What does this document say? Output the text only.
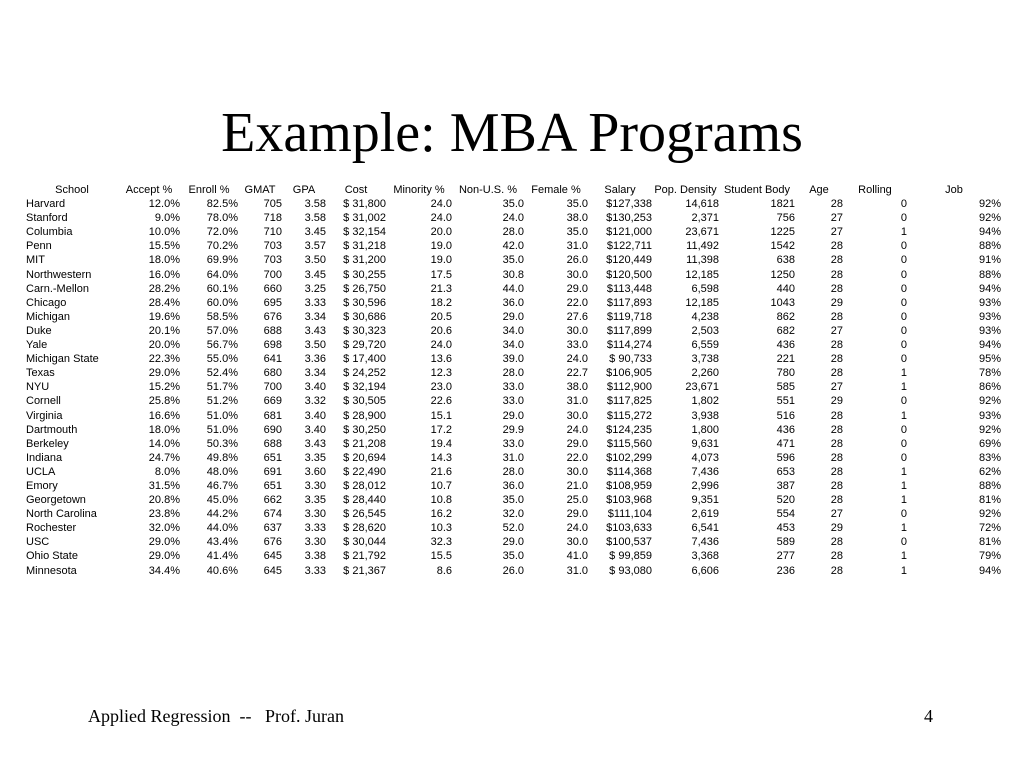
Example: MBA Programs
School	Accept %	Enroll %	GMAT	GPA	Cost	Minority %	Non-U.S. %	Female %	Salary	Pop. Density	Student Body	Age	Rolling	Job
Harvard	12.0%	82.5%	705	3.58	$ 31,800	24.0	35.0	35.0	$127,338	14,618	1821	28	0	92%
Stanford	9.0%	78.0%	718	3.58	$ 31,002	24.0	24.0	38.0	$130,253	2,371	756	27	0	92%
Columbia	10.0%	72.0%	710	3.45	$ 32,154	20.0	28.0	35.0	$121,000	23,671	1225	27	1	94%
Penn	15.5%	70.2%	703	3.57	$ 31,218	19.0	42.0	31.0	$122,711	11,492	1542	28	0	88%
MIT	18.0%	69.9%	703	3.50	$ 31,200	19.0	35.0	26.0	$120,449	11,398	638	28	0	91%
Northwestern	16.0%	64.0%	700	3.45	$ 30,255	17.5	30.8	30.0	$120,500	12,185	1250	28	0	88%
Carn.-Mellon	28.2%	60.1%	660	3.25	$ 26,750	21.3	44.0	29.0	$113,448	6,598	440	28	0	94%
Chicago	28.4%	60.0%	695	3.33	$ 30,596	18.2	36.0	22.0	$117,893	12,185	1043	29	0	93%
Michigan	19.6%	58.5%	676	3.34	$ 30,686	20.5	29.0	27.6	$119,718	4,238	862	28	0	93%
Duke	20.1%	57.0%	688	3.43	$ 30,323	20.6	34.0	30.0	$117,899	2,503	682	27	0	93%
Yale	20.0%	56.7%	698	3.50	$ 29,720	24.0	34.0	33.0	$114,274	6,559	436	28	0	94%
Michigan State	22.3%	55.0%	641	3.36	$ 17,400	13.6	39.0	24.0	$ 90,733	3,738	221	28	0	95%
Texas	29.0%	52.4%	680	3.34	$ 24,252	12.3	28.0	22.7	$106,905	2,260	780	28	1	78%
NYU	15.2%	51.7%	700	3.40	$ 32,194	23.0	33.0	38.0	$112,900	23,671	585	27	1	86%
Cornell	25.8%	51.2%	669	3.32	$ 30,505	22.6	33.0	31.0	$117,825	1,802	551	29	0	92%
Virginia	16.6%	51.0%	681	3.40	$ 28,900	15.1	29.0	30.0	$115,272	3,938	516	28	1	93%
Dartmouth	18.0%	51.0%	690	3.40	$ 30,250	17.2	29.9	24.0	$124,235	1,800	436	28	0	92%
Berkeley	14.0%	50.3%	688	3.43	$ 21,208	19.4	33.0	29.0	$115,560	9,631	471	28	0	69%
Indiana	24.7%	49.8%	651	3.35	$ 20,694	14.3	31.0	22.0	$102,299	4,073	596	28	0	83%
UCLA	8.0%	48.0%	691	3.60	$ 22,490	21.6	28.0	30.0	$114,368	7,436	653	28	1	62%
Emory	31.5%	46.7%	651	3.30	$ 28,012	10.7	36.0	21.0	$108,959	2,996	387	28	1	88%
Georgetown	20.8%	45.0%	662	3.35	$ 28,440	10.8	35.0	25.0	$103,968	9,351	520	28	1	81%
North Carolina	23.8%	44.2%	674	3.30	$ 26,545	16.2	32.0	29.0	$111,104	2,619	554	27	0	92%
Rochester	32.0%	44.0%	637	3.33	$ 28,620	10.3	52.0	24.0	$103,633	6,541	453	29	1	72%
USC	29.0%	43.4%	676	3.30	$ 30,044	32.3	29.0	30.0	$100,537	7,436	589	28	0	81%
Ohio State	29.0%	41.4%	645	3.38	$ 21,792	15.5	35.0	41.0	$ 99,859	3,368	277	28	1	79%
Minnesota	34.4%	40.6%	645	3.33	$ 21,367	8.6	26.0	31.0	$ 93,080	6,606	236	28	1	94%
Applied Regression  --   Prof. Juran	4
